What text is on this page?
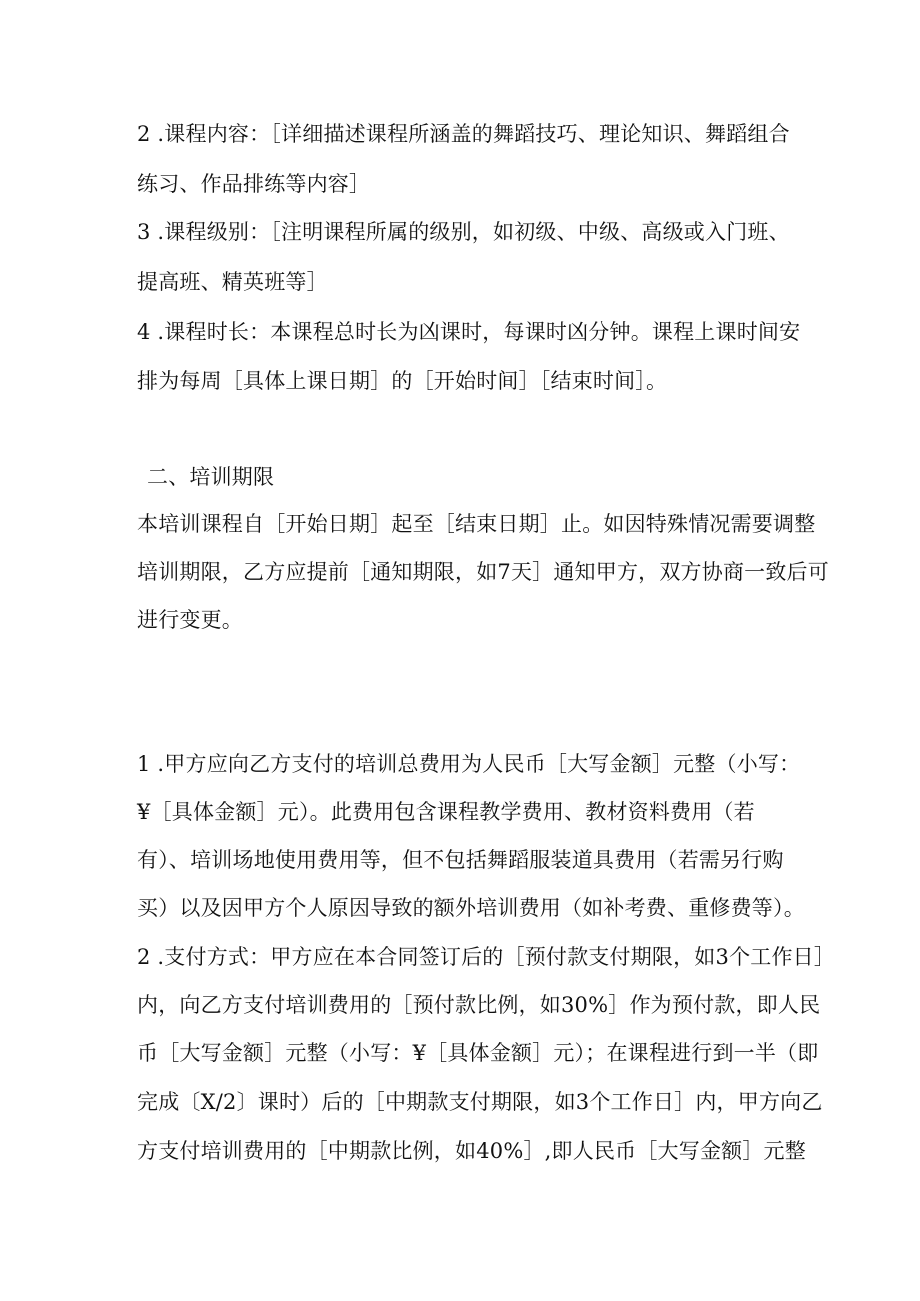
2 .课程内容：［详细描述课程所涵盖的舞蹈技巧、理论知识、舞蹈组合
练习、作品排练等内容］
3 .课程级别：［注明课程所属的级别，如初级、中级、高级或入门班、
提高班、精英班等］
4 .课程时长：本课程总时长为凶课时，每课时凶分钟。课程上课时间安
排为每周［具体上课日期］的［开始时间］［结束时间］。
二、培训期限
本培训课程自［开始日期］起至［结束日期］止。如因特殊情况需要调整
培训期限，乙方应提前［通知期限，如7天］通知甲方，双方协商一致后可
进行变更。
1 .甲方应向乙方支付的培训总费用为人民币［大写金额］元整（小写：
¥［具体金额］元）。此费用包含课程教学费用、教材资料费用（若
有）、培训场地使用费用等，但不包括舞蹈服装道具费用（若需另行购
买）以及因甲方个人原因导致的额外培训费用（如补考费、重修费等）。
2 .支付方式：甲方应在本合同签订后的［预付款支付期限，如3个工作日］
内，向乙方支付培训费用的［预付款比例，如30%］作为预付款，即人民
币［大写金额］元整（小写：¥［具体金额］元）；在课程进行到一半（即
完成〔X/2〕课时）后的［中期款支付期限，如3个工作日］内，甲方向乙
方支付培训费用的［中期款比例，如40%］,即人民币［大写金额］元整
